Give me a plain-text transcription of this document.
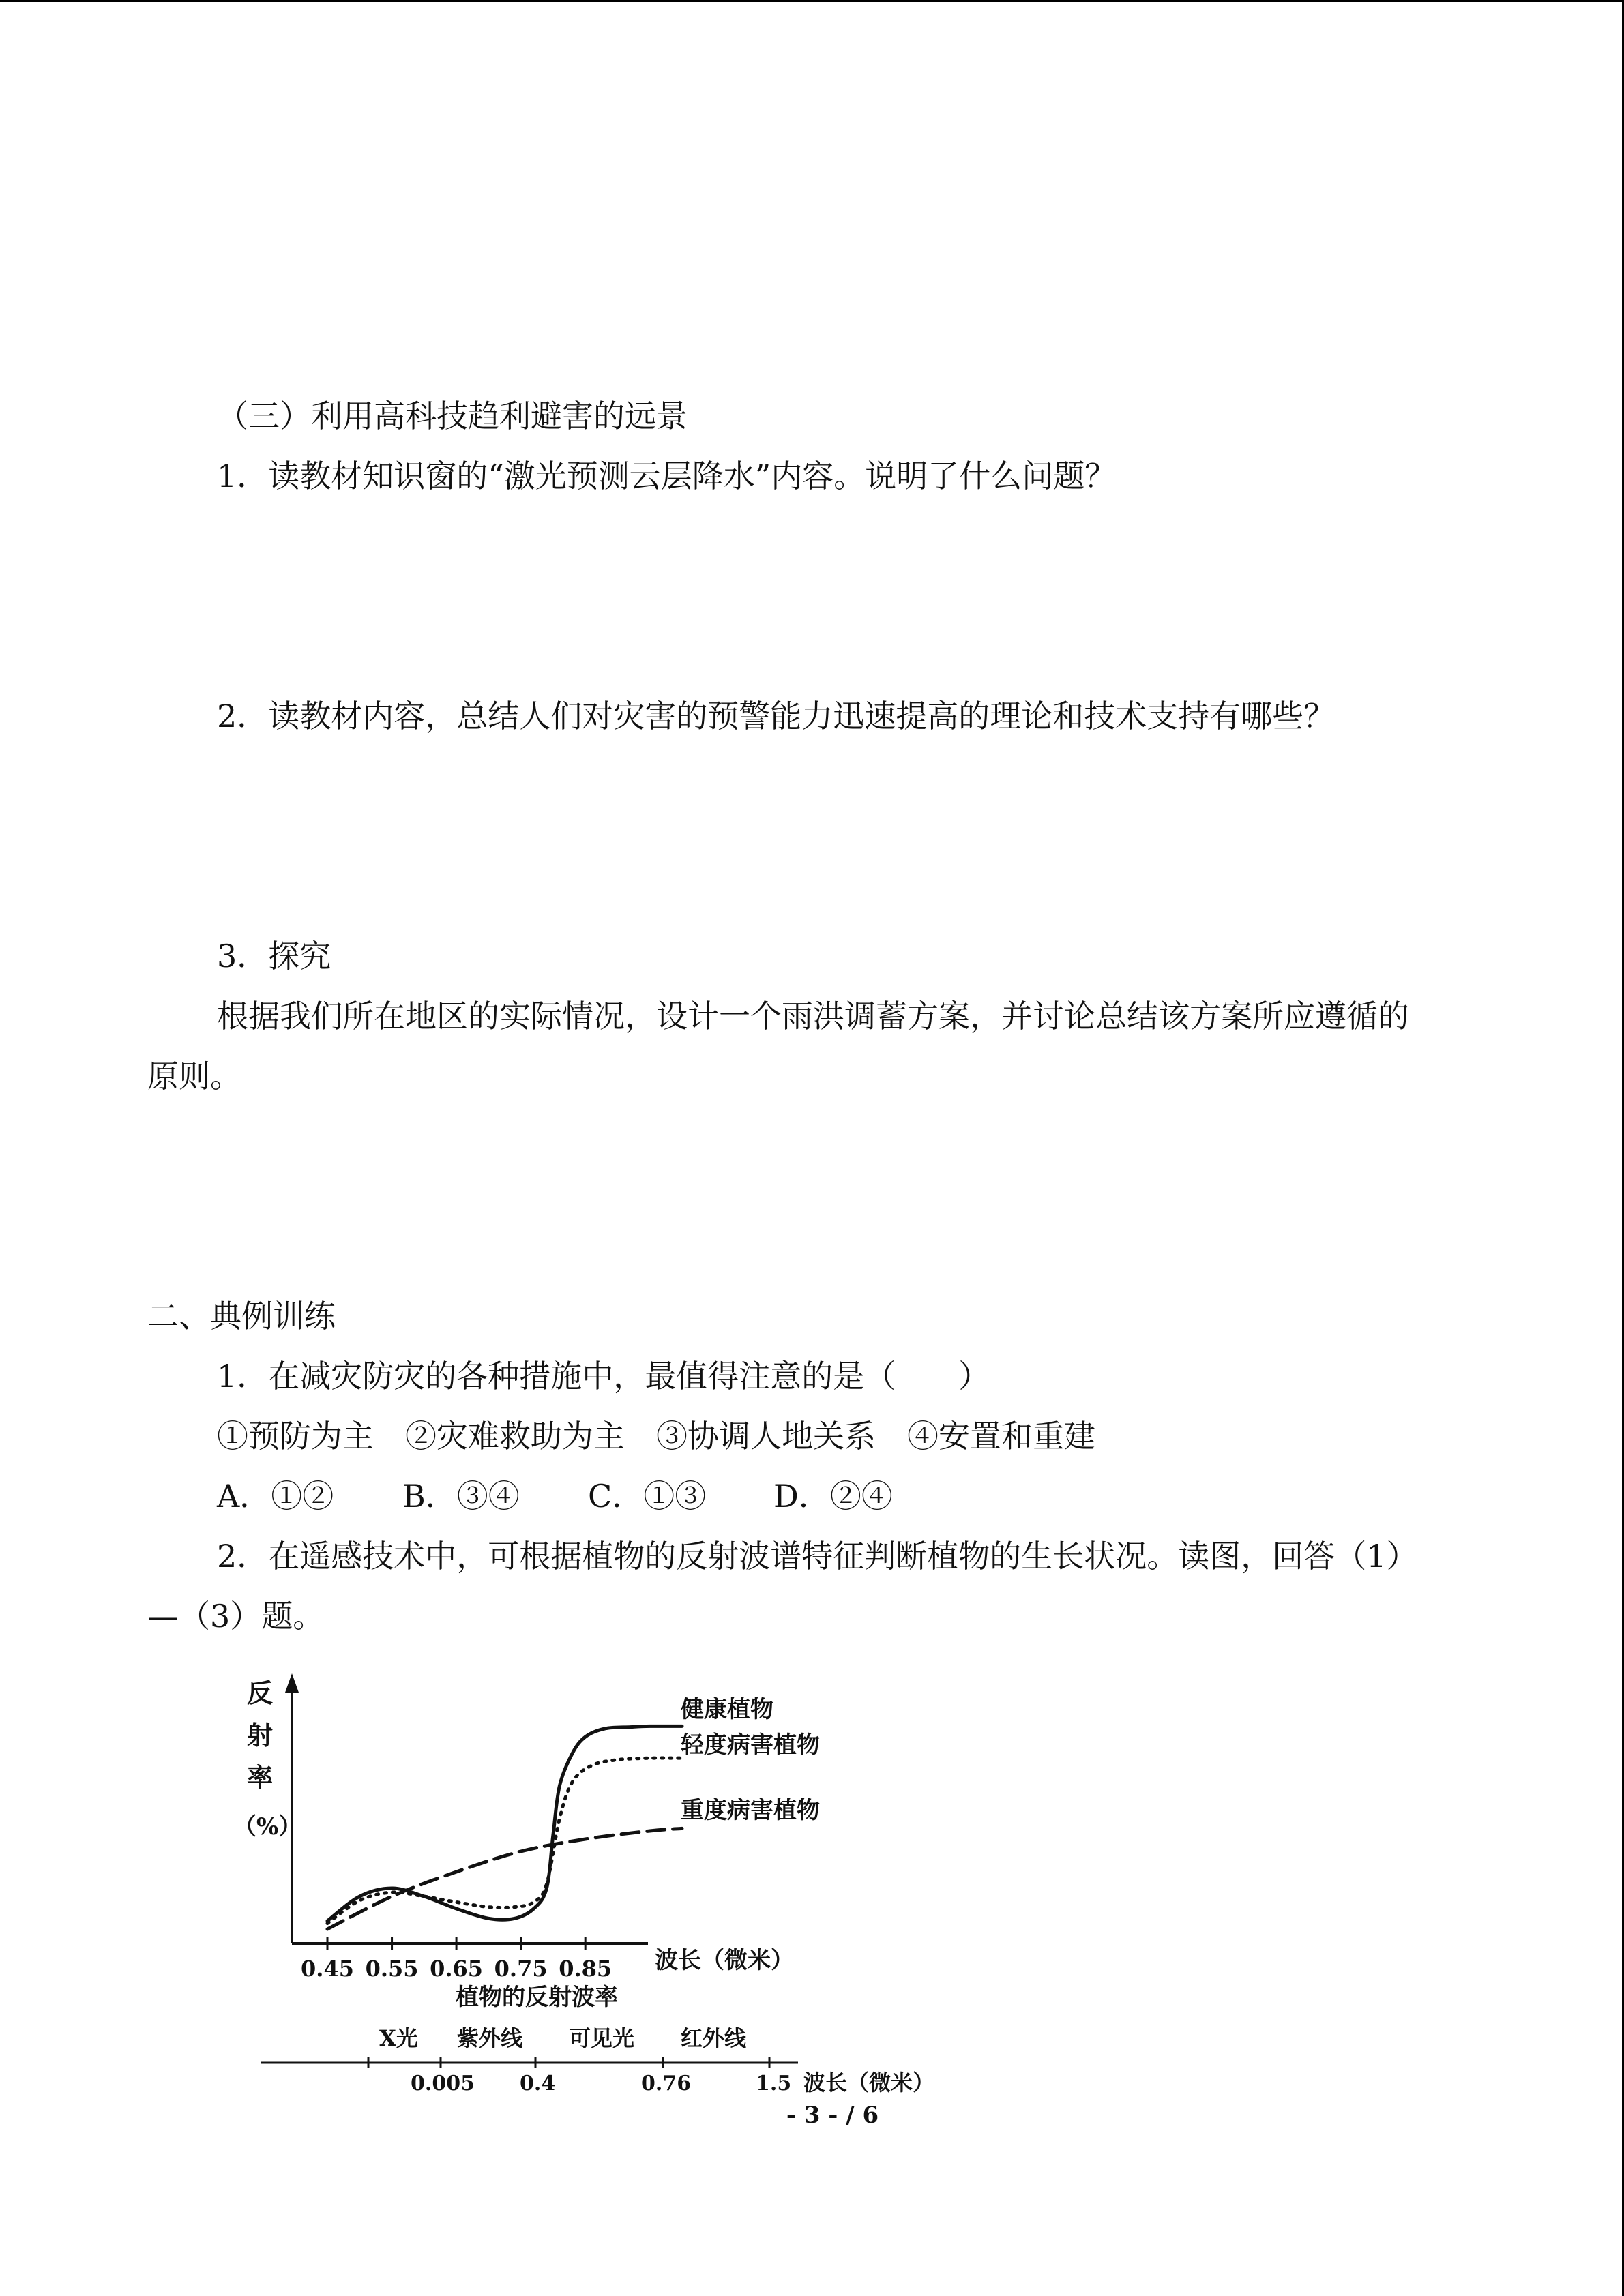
（三）利用高科技趋利避害的远景
1．读教材知识窗的“激光预测云层降水”内容。说明了什么问题？
2．读教材内容，总结人们对灾害的预警能力迅速提高的理论和技术支持有哪些？
3．探究
根据我们所在地区的实际情况，设计一个雨洪调蓄方案，并讨论总结该方案所应遵循的
原则。
二、典例训练
1．在减灾防灾的各种措施中，最值得注意的是（　　）
①预防为主　②灾难救助为主　③协调人地关系　④安置和重建
A．①② B．③④ C．①③ D．②④
2．在遥感技术中，可根据植物的反射波谱特征判断植物的生长状况。读图，回答（1）
—（3）题。
反
射
率
（%）
0.45 0.55 0.65 0.75 0.85 波长（微米）
健康植物
轻度病害植物
重度病害植物
植物的反射波率
X光 紫外线 可见光 红外线
0.005 0.4	0.76	1.5 波长（微米）
- 3 - / 6
